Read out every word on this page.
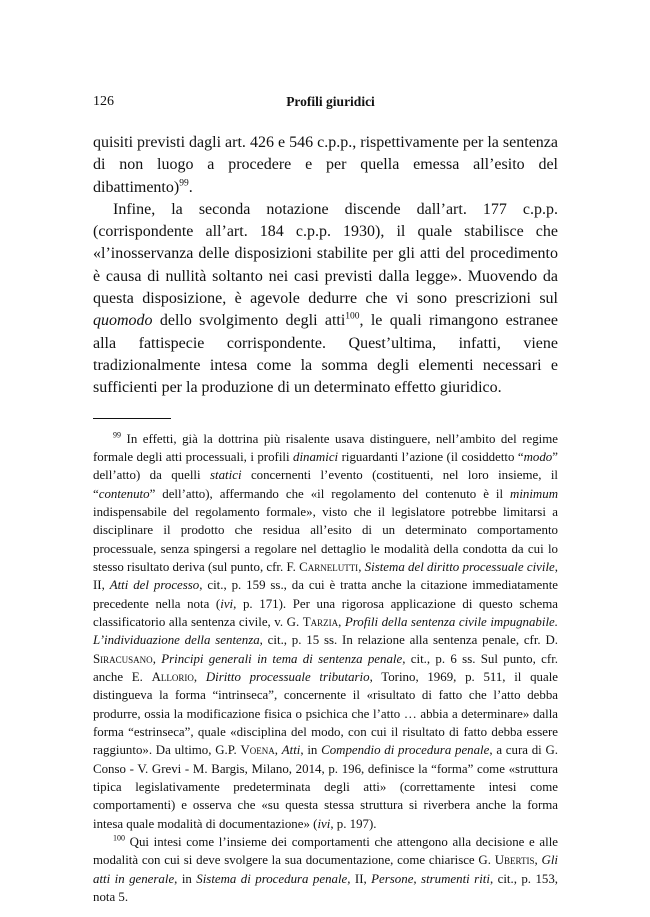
126	Profili giuridici

quisiti previsti dagli art. 426 e 546 c.p.p., rispettivamente per la sentenza di non luogo a procedere e per quella emessa all’esito del dibattimento)$^{99}$.

Infine, la seconda notazione discende dall’art. 177 c.p.p. (corrispondente all’art. 184 c.p.p. 1930), il quale stabilisce che «l’inosservanza delle disposizioni stabilite per gli atti del procedimento è causa di nullità soltanto nei casi previsti dalla legge». Muovendo da questa disposizione, è agevole dedurre che vi sono prescrizioni sul quomodo dello svolgimento degli atti$^{100}$, le quali rimangono estranee alla fattispecie corrispondente. Quest’ultima, infatti, viene tradizionalmente intesa come la somma degli elementi necessari e sufficienti per la produzione di un determinato effetto giuridico.

$^{99}$ In effetti, già la dottrina più risalente usava distinguere, nell’ambito del regime formale degli atti processuali, i profili dinamici riguardanti l’azione (il cosiddetto “modo” dell’atto) da quelli statici concernenti l’evento (costituenti, nel loro insieme, il “contenuto” dell’atto), affermando che «il regolamento del contenuto è il minimum indispensabile del regolamento formale», visto che il legislatore potrebbe limitarsi a disciplinare il prodotto che residua all’esito di un determinato comportamento processuale, senza spingersi a regolare nel dettaglio le modalità della condotta da cui lo stesso risultato deriva (sul punto, cfr. F. Carnelutti, Sistema del diritto processuale civile, II, Atti del processo, cit., p. 159 ss., da cui è tratta anche la citazione immediatamente precedente nella nota (ivi, p. 171). Per una rigorosa applicazione di questo schema classificatorio alla sentenza civile, v. G. Tarzia, Profili della sentenza civile impugnabile. L’individuazione della sentenza, cit., p. 15 ss. In relazione alla sentenza penale, cfr. D. Siracusano, Principi generali in tema di sentenza penale, cit., p. 6 ss. Sul punto, cfr. anche E. Allorio, Diritto processuale tributario, Torino, 1969, p. 511, il quale distingueva la forma “intrinseca”, concernente il «risultato di fatto che l’atto debba produrre, ossia la modificazione fisica o psichica che l’atto … abbia a determinare» dalla forma “estrinseca”, quale «disciplina del modo, con cui il risultato di fatto debba essere raggiunto». Da ultimo, G.P. Voena, Atti, in Compendio di procedura penale, a cura di G. Conso - V. Grevi - M. Bargis, Milano, 2014, p. 196, definisce la “forma” come «struttura tipica legislativamente predeterminata degli atti» (correttamente intesi come comportamenti) e osserva che «su questa stessa struttura si riverbera anche la forma intesa quale modalità di documentazione» (ivi, p. 197).

$^{100}$ Qui intesi come l’insieme dei comportamenti che attengono alla decisione e alle modalità con cui si deve svolgere la sua documentazione, come chiarisce G. Ubertis, Gli atti in generale, in Sistema di procedura penale, II, Persone, strumenti riti, cit., p. 153, nota 5.
